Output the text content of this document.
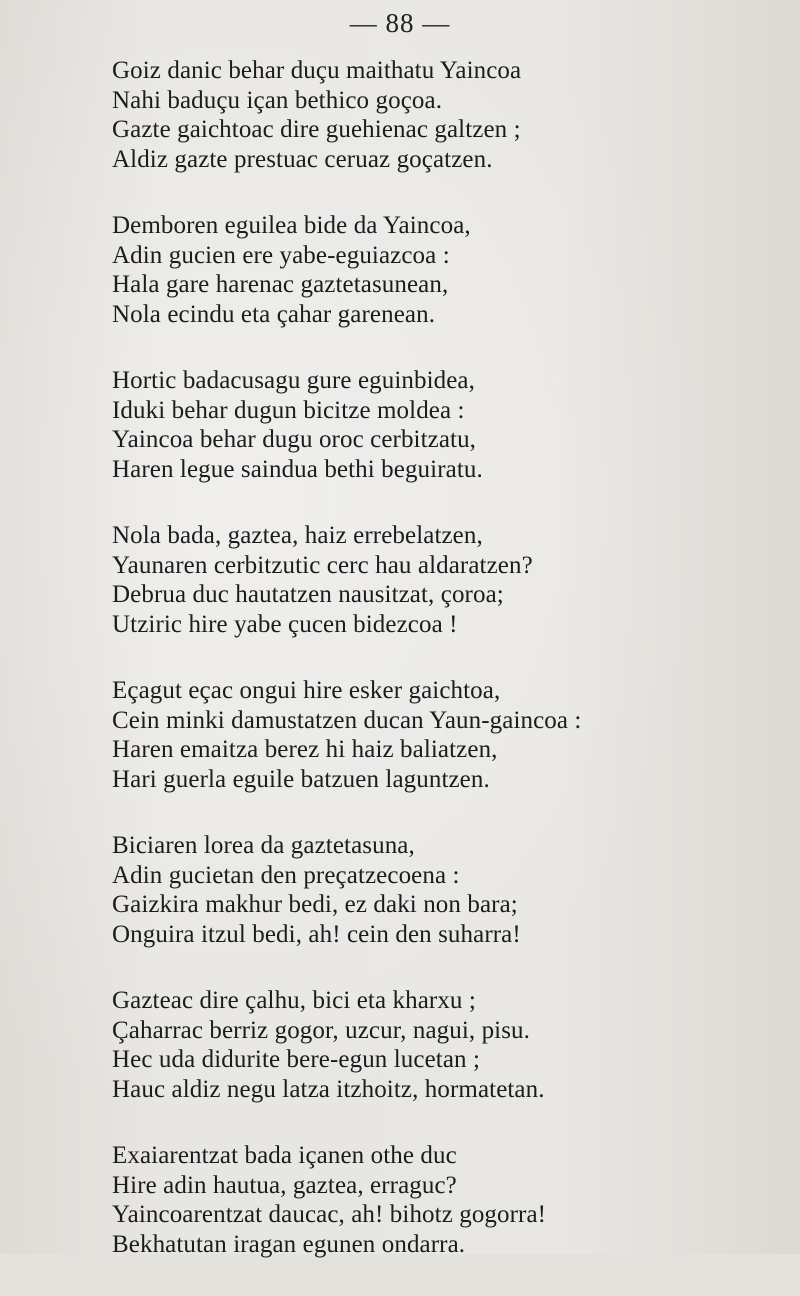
— 88 —
Goiz danic behar duçu maithatu Yaincoa
Nahi baduçu içan bethico goçoa.
Gazte gaichtoac dire guehienac galtzen ;
Aldiz gazte prestuac ceruaz goçatzen.
Demboren eguilea bide da Yaincoa,
Adin gucien ere yabe-eguiazcoa :
Hala gare harenac gaztetasunean,
Nola ecindu eta çahar garenean.
Hortic badacusagu gure eguinbidea,
Iduki behar dugun bicitze moldea :
Yaincoa behar dugu oroc cerbitzatu,
Haren legue saindua bethi beguiratu.
Nola bada, gaztea, haiz errebelatzen,
Yaunaren cerbitzutic cerc hau aldaratzen?
Debrua duc hautatzen nausitzat, çoroa;
Utziric hire yabe çucen bidezcoa !
Eçagut eçac ongui hire esker gaichtoa,
Cein minki damustatzen ducan Yaun-gaincoa :
Haren emaitza berez hi haiz baliatzen,
Hari guerla eguile batzuen laguntzen.
Biciaren lorea da gaztetasuna,
Adin gucietan den preçatzecoena :
Gaizkira makhur bedi, ez daki non bara;
Onguira itzul bedi, ah! cein den suharra!
Gazteac dire çalhu, bici eta kharxu ;
Çaharrac berriz gogor, uzcur, nagui, pisu.
Hec uda didurite bere-egun lucetan ;
Hauc aldiz negu latza itzhoitz, hormatetan.
Exaiarentzat bada içanen othe duc
Hire adin hautua, gaztea, erraguc?
Yaincoarentzat daucac, ah! bihotz gogorra!
Bekhatutan iragan egunen ondarra.
